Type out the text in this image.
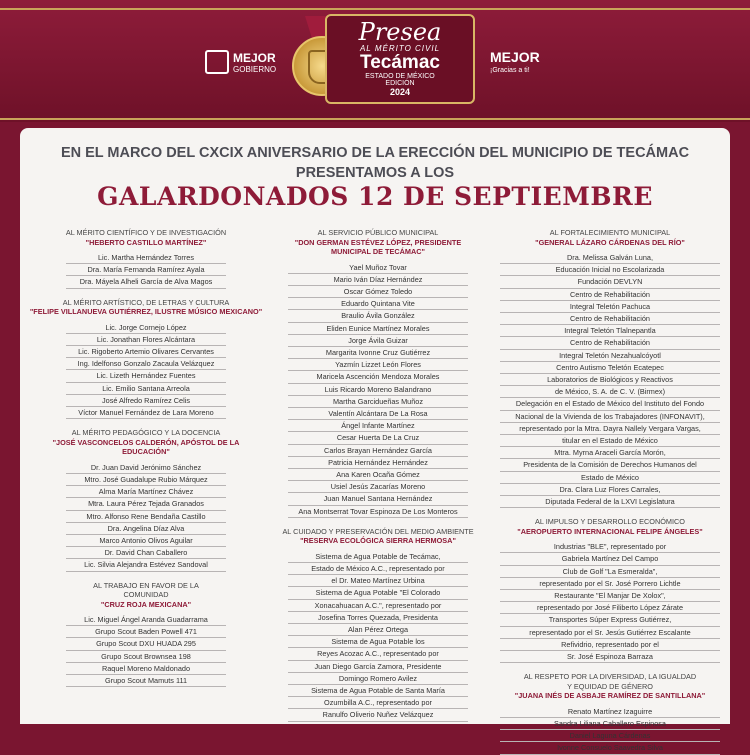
MEJOR
GOBIERNO
Presea
AL MÉRITO CIVIL
Tecámac
ESTADO DE MÉXICO
EDICIÓN
2024
MEJOR
¡Gracias a ti!
EN EL MARCO DEL CXCIX ANIVERSARIO DE LA ERECCIÓN DEL MUNICIPIO DE TECÁMAC PRESENTAMOS A LOS
GALARDONADOS 12 DE SEPTIEMBRE
AL MÉRITO CIENTÍFICO Y DE INVESTIGACIÓN
"HEBERTO CASTILLO MARTÍNEZ"
Lic. Martha Hernández Torres
Dra. María Fernanda Ramírez Ayala
Dra. Máyela Alheli García de Alva Magos
AL MÉRITO ARTÍSTICO, DE LETRAS Y CULTURA
"FELIPE VILLANUEVA GUTIÉRREZ, ILUSTRE MÚSICO MEXICANO"
Lic. Jorge Cornejo López
Lic. Jonathan Flores Alcántara
Lic. Rigoberto Artemio Olivares Cervantes
Ing. Idelfonso Gonzalo Zacaula Velázquez
Lic. Lizeth Hernández Fuentes
Lic. Emilio Santana Arreola
José Alfredo Ramírez Celis
Víctor Manuel Fernández de Lara Moreno
AL MÉRITO PEDAGÓGICO Y LA DOCENCIA
"JOSÉ VASCONCELOS CALDERÓN, APÓSTOL DE LA EDUCACIÓN"
Dr. Juan David Jerónimo Sánchez
Mtro. José Guadalupe Rubio Márquez
Alma María Martínez Chávez
Mtra. Laura Pérez Tejada Granados
Mtro. Alfonso Rene Bendaña Castillo
Dra. Angelina Díaz Alva
Marco Antonio Olivos Aguilar
Dr. David Chan Caballero
Lic. Silvia Alejandra Estévez Sandoval
AL TRABAJO EN FAVOR DE LA
COMUNIDAD
"CRUZ ROJA MEXICANA"
Lic. Miguel Ángel Aranda Guadarrama
Grupo Scout Baden Powell 471
Grupo Scout DXU HUADA 295
Grupo Scout Brownsea 198
Raquel Moreno Maldonado
Grupo Scout Mamuts 111
AL SERVICIO PÚBLICO MUNICIPAL
"DON GERMAN ESTÉVEZ LÓPEZ, PRESIDENTE MUNICIPAL DE TECÁMAC"
Yael Muñoz Tovar
Mario Iván Díaz Hernández
Oscar Gómez Toledo
Eduardo Quintana Vite
Braulio Ávila González
Eliden Eunice Martínez Morales
Jorge Ávila Guizar
Margarita Ivonne Cruz Gutiérrez
Yazmín Lizzet León Flores
Maricela Ascención Mendoza Morales
Luis Ricardo Moreno Balandrano
Martha Garcidueñas Muñoz
Valentín Alcántara De La Rosa
Ángel Infante Martínez
Cesar Huerta De La Cruz
Carlos Brayan Hernández García
Patricia Hernández Hernández
Ana Karen Ocaña Gómez
Usiel Jesús Zacarías Moreno
Juan Manuel Santana Hernández
Ana Montserrat Tovar Espinoza De Los Monteros
AL CUIDADO Y PRESERVACIÓN DEL MEDIO AMBIENTE
"RESERVA ECOLÓGICA SIERRA HERMOSA"
Sistema de Agua Potable de Tecámac,
Estado de México A.C., representado por
el Dr. Mateo Martínez Urbina
Sistema de Agua Potable "El Colorado
Xonacahuacan A.C.", representado por
Josefina Torres Quezada, Presidenta
Alan Pérez Ortega
Sistema de Agua Potable los
Reyes Acozac A.C., representado por
Juan Diego García Zamora, Presidente
Domingo Romero Avilez
Sistema de Agua Potable de Santa María
Ozumbilla A.C., representado por
Ranulfo Oliverio Nuñez Velázquez
AL FORTALECIMIENTO MUNICIPAL
"GENERAL LÁZARO CÁRDENAS DEL RÍO"
Dra. Melissa Galván Luna,
Educación Inicial no Escolarizada
Fundación DEVLYN
Centro de Rehabilitación
Integral Teletón Pachuca
Centro de Rehabilitación
Integral Teletón Tlalnepantla
Centro de Rehabilitación
Integral Teletón Nezahualcóyotl
Centro Autismo Teletón Ecatepec
Laboratorios de Biológicos y Reactivos
de México, S. A. de C. V. (Birmex)
Delegación en el Estado de México del Instituto del Fondo
Nacional de la Vivienda de los Trabajadores (INFONAVIT),
representado por la Mtra. Dayra Nallely Vergara Vargas,
titular en el Estado de México
Mtra. Myrna Araceli García Morón,
Presidenta de la Comisión de Derechos Humanos del
Estado de México
Dra. Clara Luz Flores Carrales,
Diputada Federal de la LXVI Legislatura
AL IMPULSO Y DESARROLLO ECONÓMICO
"AEROPUERTO INTERNACIONAL FELIPE ÁNGELES"
Industrias "BLE", representado por
Gabriela Martínez Del Campo
Club de Golf "La Esmeralda",
representado por el Sr. José Porrero Lichtle
Restaurante "El Manjar De Xolox",
representado por José Filiberto López Zárate
Transportes Súper Express Gutiérrez,
representado por el Sr. Jesús Gutiérrez Escalante
Refividrio, representado por el
Sr. José Espinoza Barraza
AL RESPETO POR LA DIVERSIDAD, LA IGUALDAD
Y EQUIDAD DE GÉNERO
"JUANA INÉS DE ASBAJE RAMÍREZ DE SANTILLANA"
Renato Martínez Izaguirre
Sandra Liliana Caballero Espinosa
Daniel Laguna Cárdenas
Ivonne Consuelo Saavedra Silva
